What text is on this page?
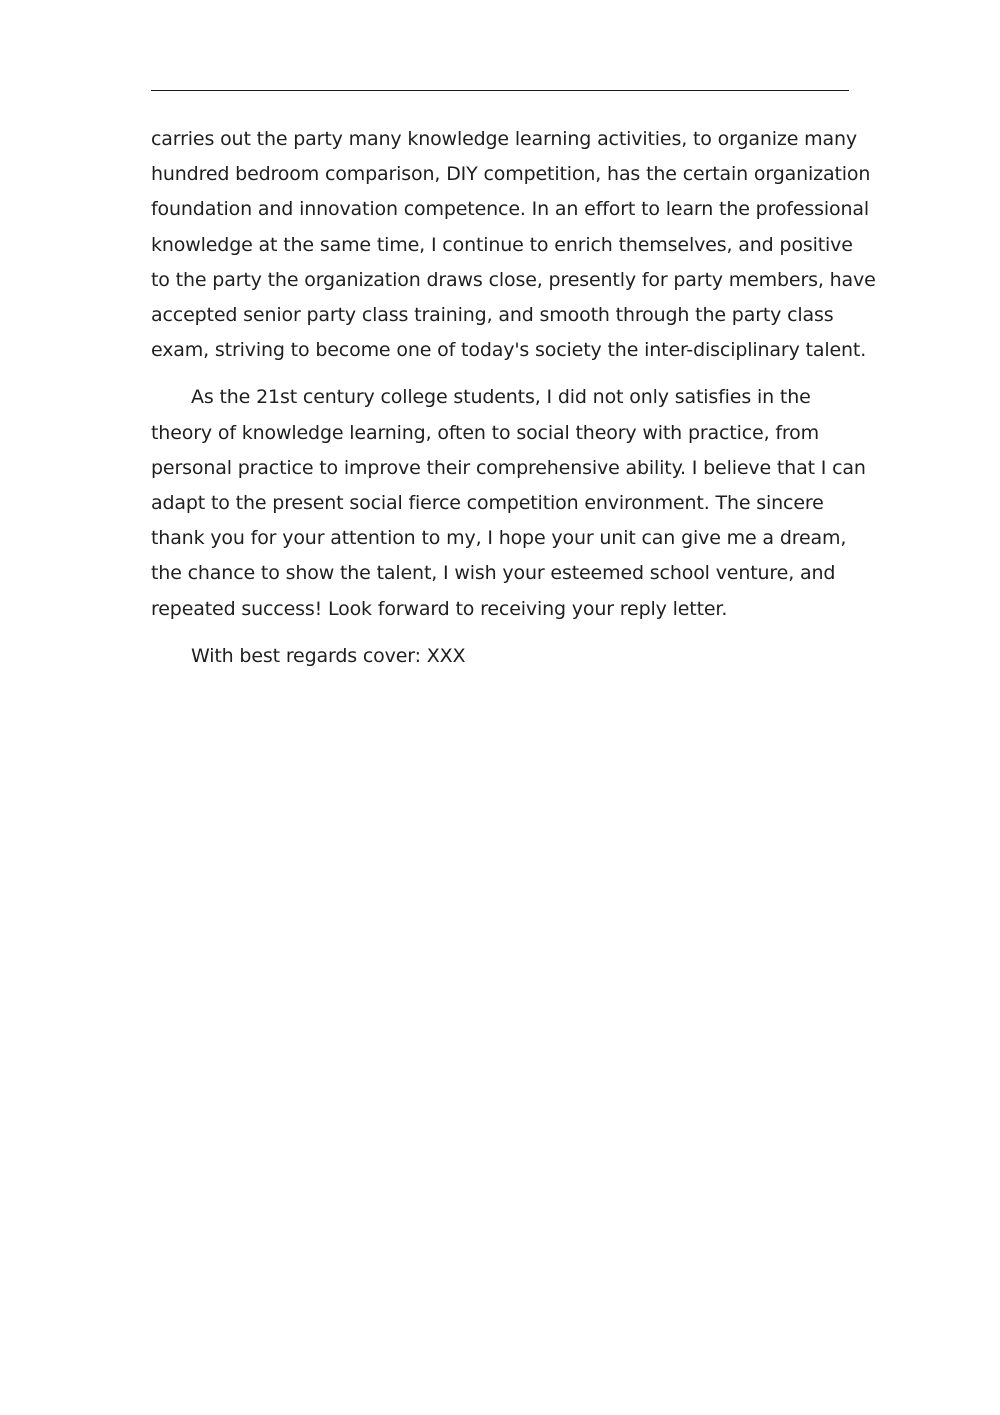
carries out the party many knowledge learning activities, to organize many
hundred bedroom comparison, DIY competition, has the certain organization
foundation and innovation competence. In an effort to learn the professional
knowledge at the same time, I continue to enrich themselves, and positive
to the party the organization draws close, presently for party members, have
accepted senior party class training, and smooth through the party class
exam, striving to become one of today's society the inter-disciplinary talent.

As the 21st century college students, I did not only satisfies in the
theory of knowledge learning, often to social theory with practice, from
personal practice to improve their comprehensive ability. I believe that I can
adapt to the present social fierce competition environment. The sincere
thank you for your attention to my, I hope your unit can give me a dream,
the chance to show the talent, I wish your esteemed school venture, and
repeated success! Look forward to receiving your reply letter.

With best regards cover: XXX
